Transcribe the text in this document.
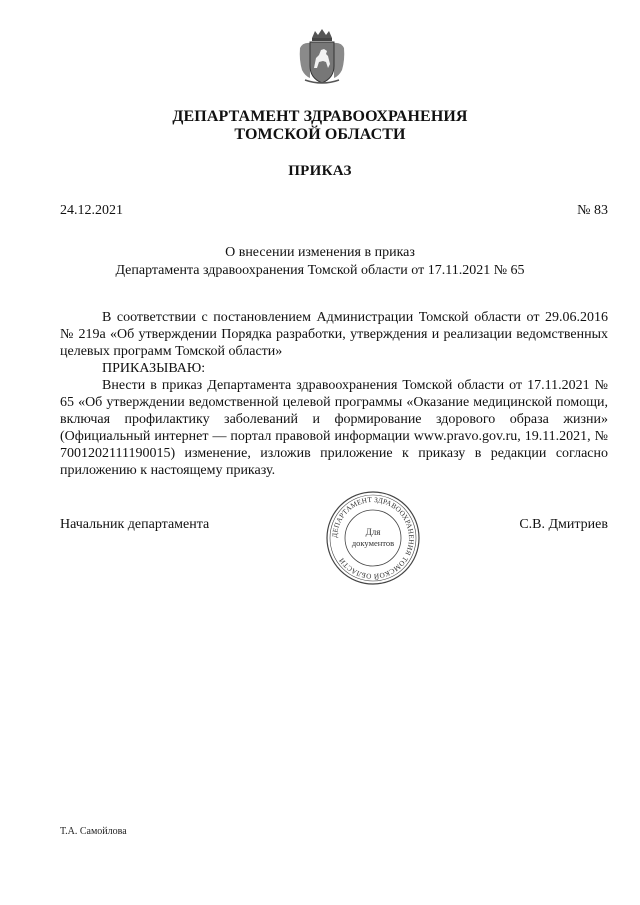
ДЕПАРТАМЕНТ ЗДРАВООХРАНЕНИЯ
ТОМСКОЙ ОБЛАСТИ
ПРИКАЗ
24.12.2021	№ 83
О внесении изменения в приказ
Департамента здравоохранения Томской области от 17.11.2021 № 65

В соответствии с постановлением Администрации Томской области от 29.06.2016 № 219а «Об утверждении Порядка разработки, утверждения и реализации ведомственных целевых программ Томской области»

ПРИКАЗЫВАЮ:

Внести в приказ Департамента здравоохранения Томской области от 17.11.2021 № 65 «Об утверждении ведомственной целевой программы «Оказание медицинской помощи, включая профилактику заболеваний и формирование здорового образа жизни» (Официальный интернет — портал правовой информации www.pravo.gov.ru, 19.11.2021, № 7001202111190015) изменение, изложив приложение к приказу в редакции согласно приложению к настоящему приказу.

Начальник департамента
ДЕПАРТАМЕНТ ЗДРАВООХРАНЕНИЯ ТОМСКОЙ ОБЛАСТИ
Для
документов
С.В. Дмитриев
Т.А. Самойлова
